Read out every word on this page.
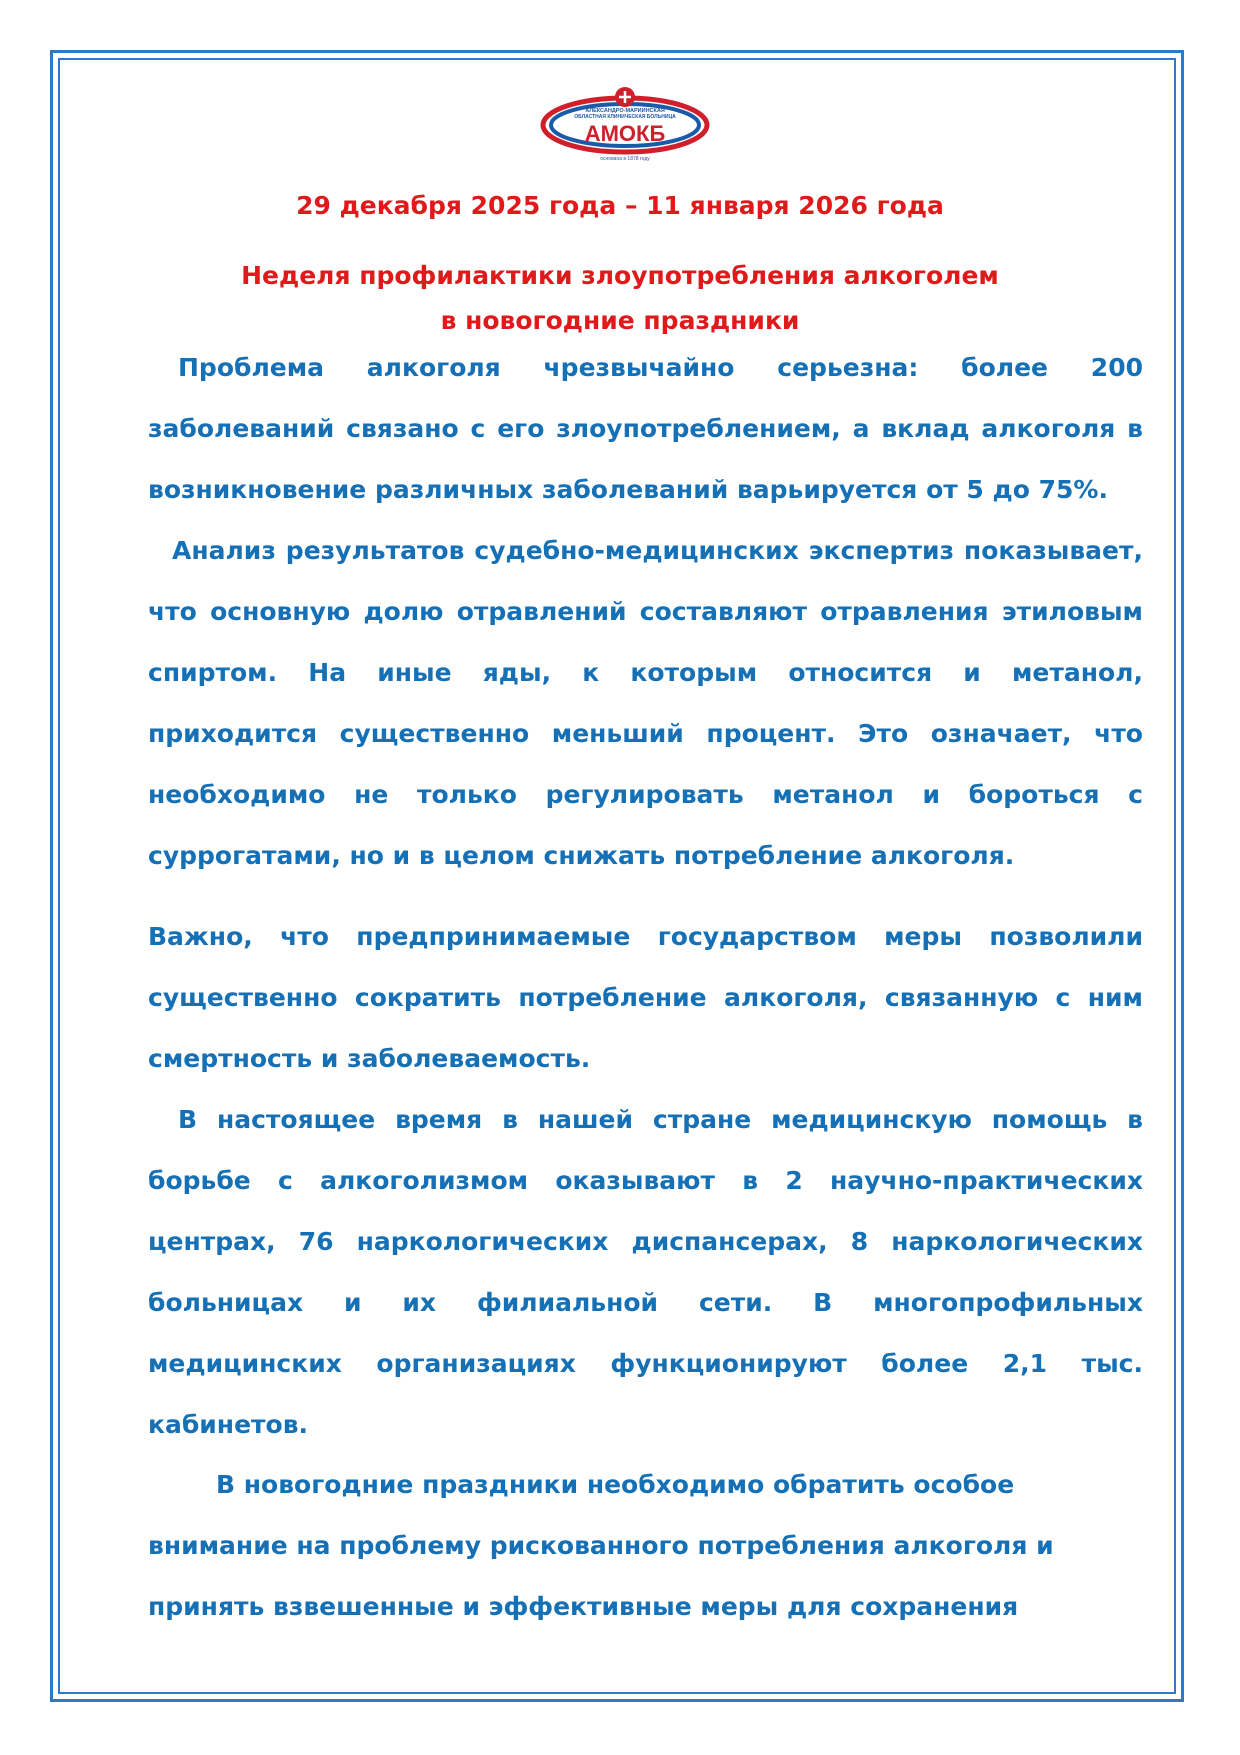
АЛЕКСАНДРО-МАРИИНСКАЯ
ОБЛАСТНАЯ КЛИНИЧЕСКАЯ БОЛЬНИЦА
АМОКБ
основана в 1878 году
29 декабря 2025 года – 11 января 2026 года
Неделя профилактики злоупотребления алкоголем
в новогодние праздники
Проблема алкоголя чрезвычайно серьезна: более 200
заболеваний связано с его злоупотреблением, а вклад алкоголя в
возникновение различных заболеваний варьируется от 5 до 75%.
Анализ результатов судебно-медицинских экспертиз показывает,
что основную долю отравлений составляют отравления этиловым
спиртом. На иные яды, к которым относится и метанол,
приходится существенно меньший процент. Это означает, что
необходимо не только регулировать метанол и бороться с
суррогатами, но и в целом снижать потребление алкоголя.
Важно, что предпринимаемые государством меры позволили
существенно сократить потребление алкоголя, связанную с ним
смертность и заболеваемость.
В настоящее время в нашей стране медицинскую помощь в
борьбе с алкоголизмом оказывают в 2 научно-практических
центрах, 76 наркологических диспансерах, 8 наркологических
больницах и их филиальной сети. В многопрофильных
медицинских организациях функционируют более 2,1 тыс.
кабинетов.
В новогодние праздники необходимо обратить особое
внимание на проблему рискованного потребления алкоголя и
принять взвешенные и эффективные меры для сохранения
